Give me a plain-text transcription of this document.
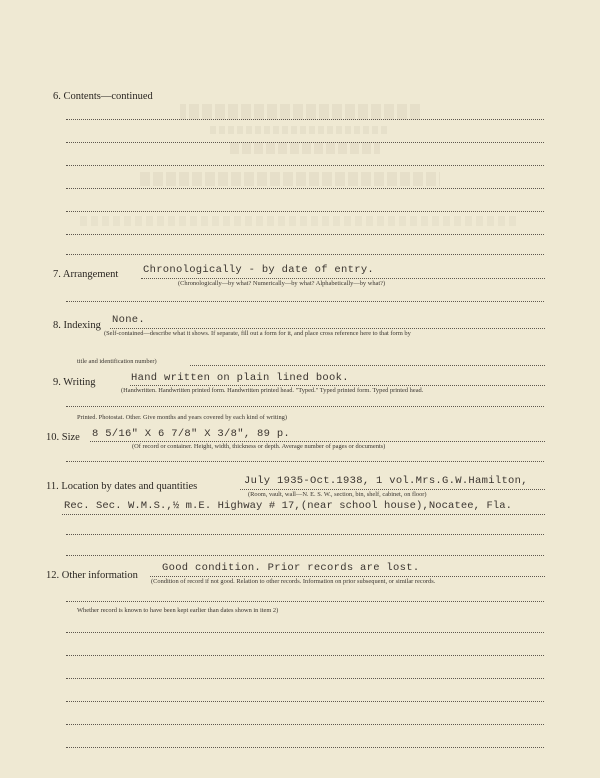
6. Contents—continued
7. Arrangement Chronologically - by date of entry.
(Chronologically—by what? Numerically—by what? Alphabetically—by what?)
8. Indexing None.
(Self-contained—describe what it shows. If separate, fill out a form for it, and place cross reference here to that form by
title and identification number)
9. Writing	Hand written on plain lined book.
(Handwritten. Handwritten printed form. Handwritten printed head. "Typed." Typed printed form. Typed printed head.
Printed. Photostat. Other. Give months and years covered by each kind of writing)
10. Size 8 5/16" X 6 7/8" X 3/8", 89 p.
(Of record or container. Height, width, thickness or depth. Average number of pages or documents)
11. Location by dates and quantities	July 1935-Oct.1938, 1 vol.Mrs.G.W.Hamilton,
(Room, vault, wall—N. E. S. W., section, bin, shelf, cabinet, on floor)
Rec. Sec. W.M.S.,½ m.E. Highway # 17,(near school house),Nocatee, Fla.
12. Other information
Good condition. Prior records are lost.
(Condition of record if not good. Relation to other records. Information on prior subsequent, or similar records.
Whether record is known to have been kept earlier than dates shown in item 2)
